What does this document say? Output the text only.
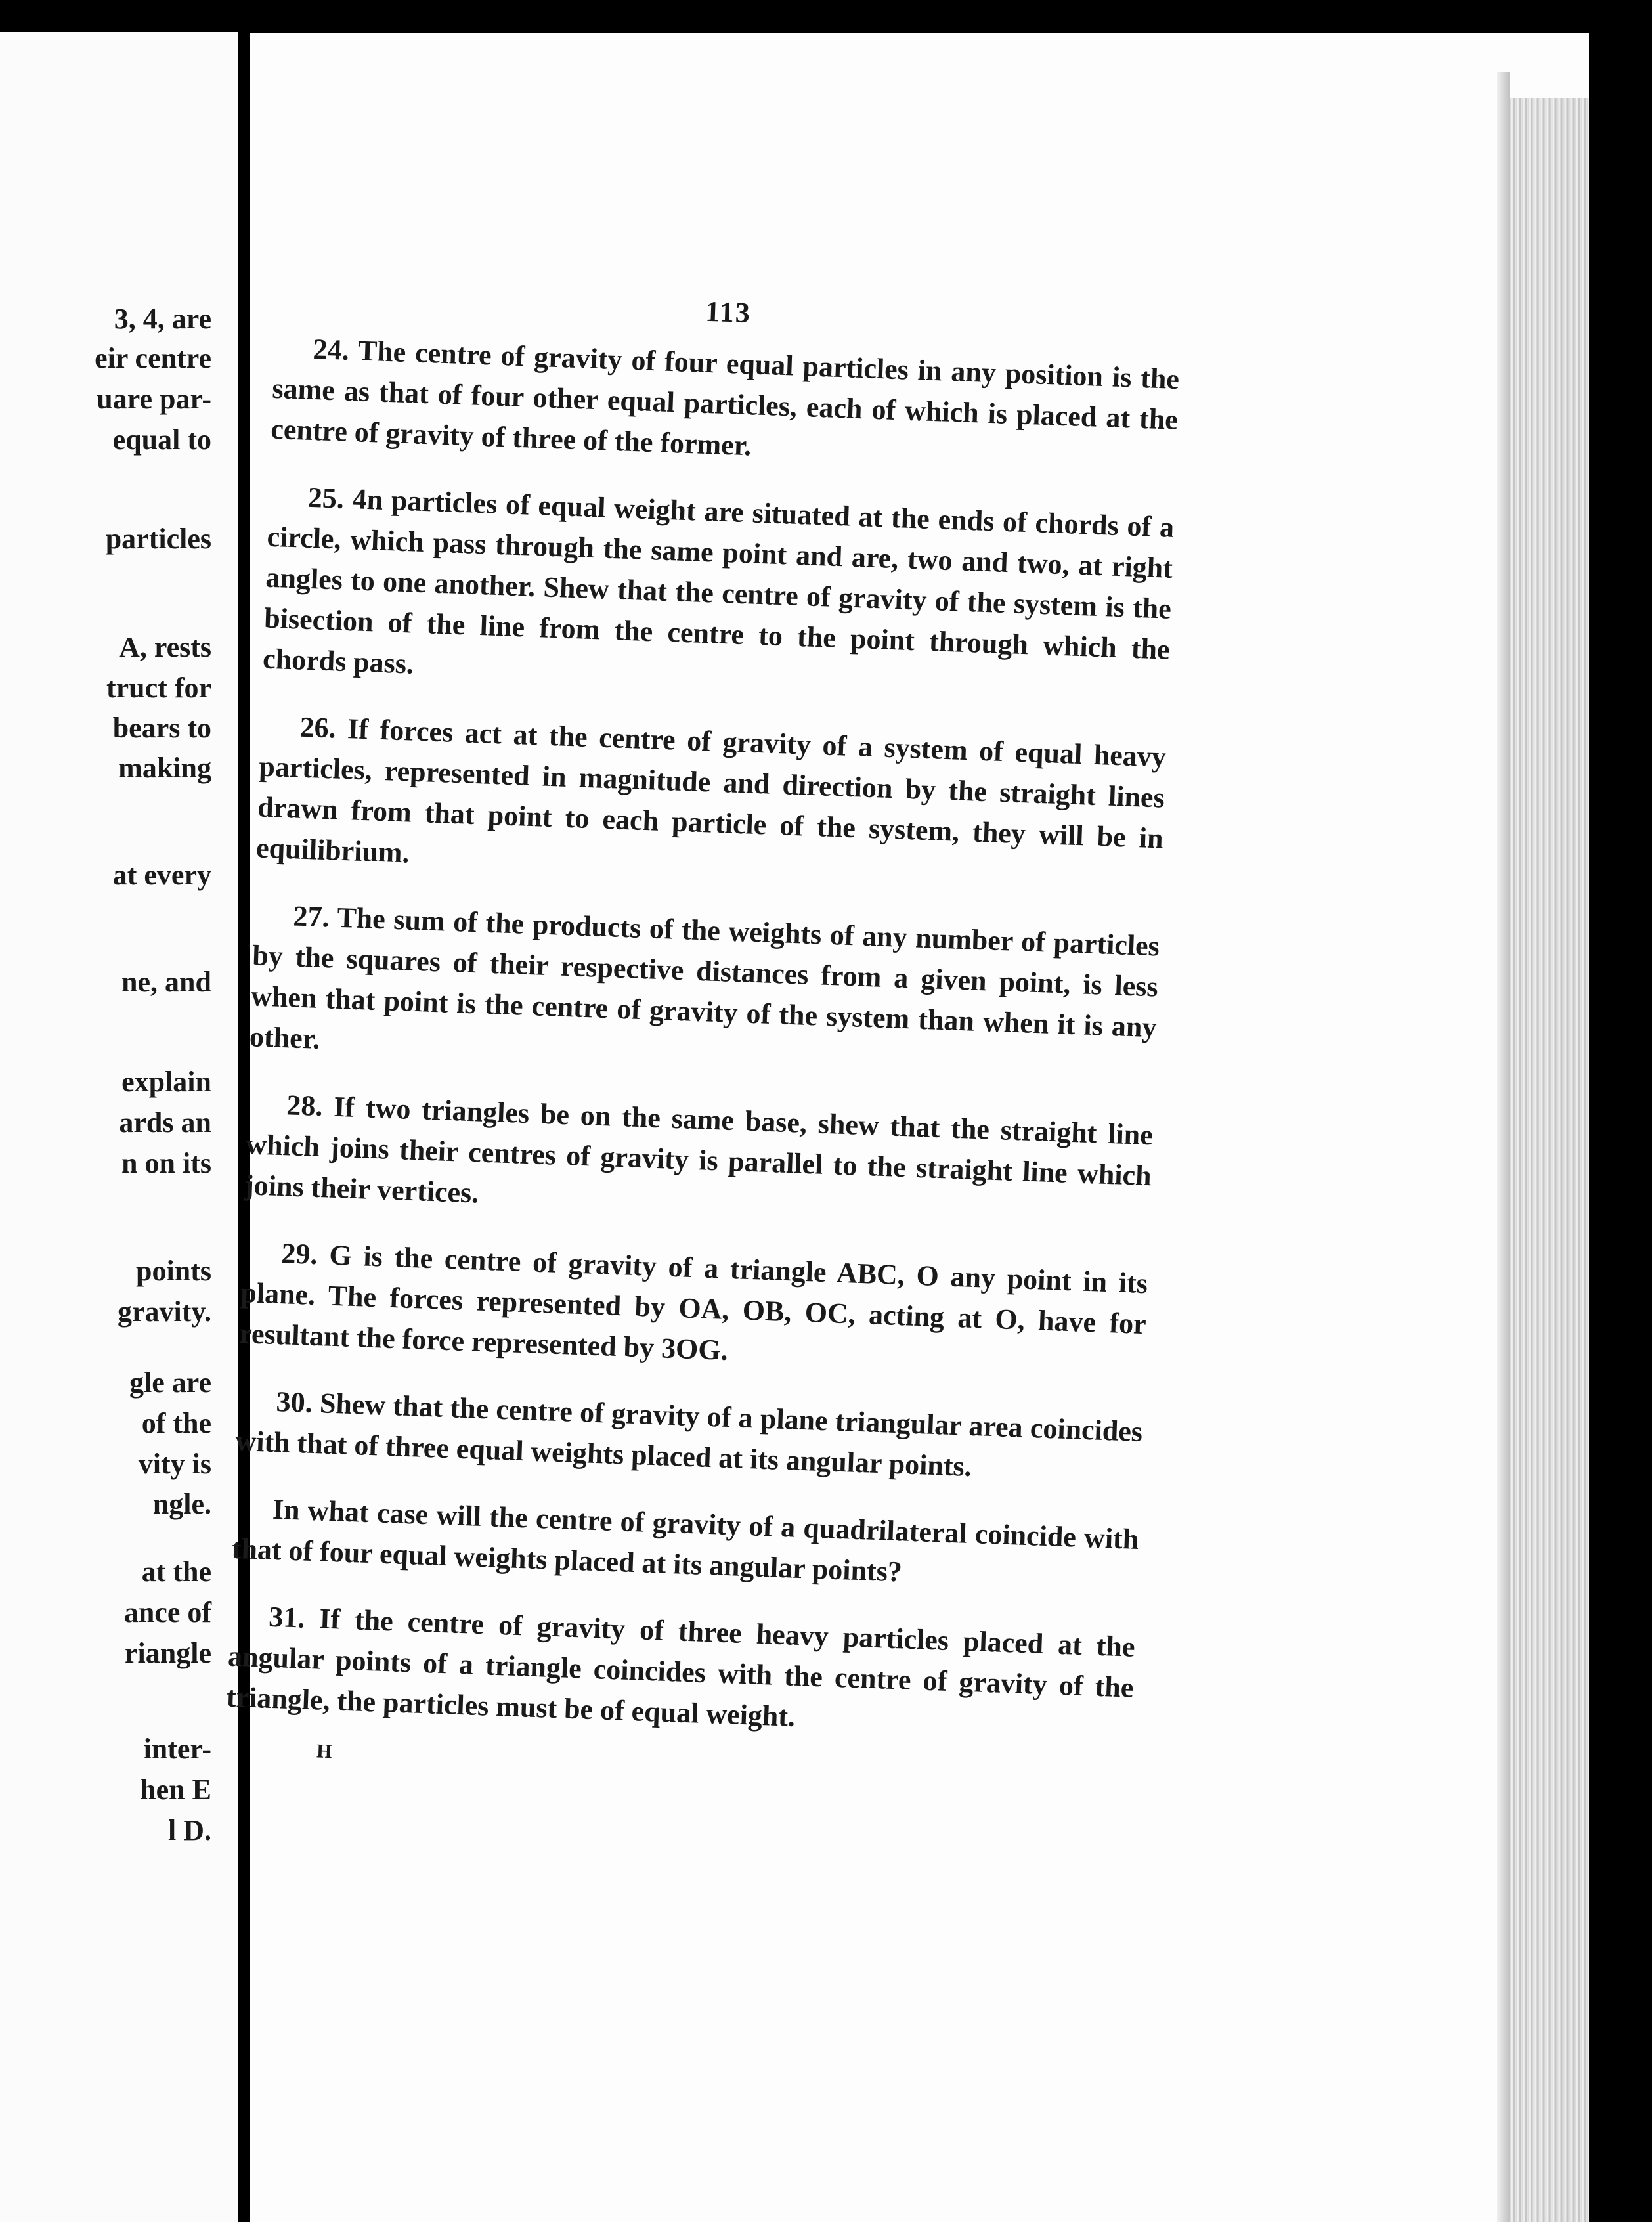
3, 4, are
eir centre
uare par-
equal to
particles
A, rests
truct for
bears to
making
at every
ne, and
explain
ards an
n on its
points
gravity.
gle are
of the
vity is
ngle.
at the
ance of
riangle
inter-
hen E
l D.
113

24. The centre of gravity of four equal particles in any position is the same as that of four other equal particles, each of which is placed at the centre of gravity of three of the former.

25. 4n particles of equal weight are situated at the ends of chords of a circle, which pass through the same point and are, two and two, at right angles to one another. Shew that the centre of gravity of the system is the bisection of the line from the centre to the point through which the chords pass.

26. If forces act at the centre of gravity of a system of equal heavy particles, represented in magnitude and direction by the straight lines drawn from that point to each particle of the system, they will be in equilibrium.

27. The sum of the products of the weights of any number of particles by the squares of their respective distances from a given point, is less when that point is the centre of gravity of the system than when it is any other.

28. If two triangles be on the same base, shew that the straight line which joins their centres of gravity is parallel to the straight line which joins their vertices.

29. G is the centre of gravity of a triangle ABC, O any point in its plane. The forces represented by OA, OB, OC, acting at O, have for resultant the force represented by 3OG.

30. Shew that the centre of gravity of a plane triangular area coincides with that of three equal weights placed at its angular points.

In what case will the centre of gravity of a quadrilateral coincide with that of four equal weights placed at its angular points?

31. If the centre of gravity of three heavy particles placed at the angular points of a triangle coincides with the centre of gravity of the triangle, the particles must be of equal weight.

H
